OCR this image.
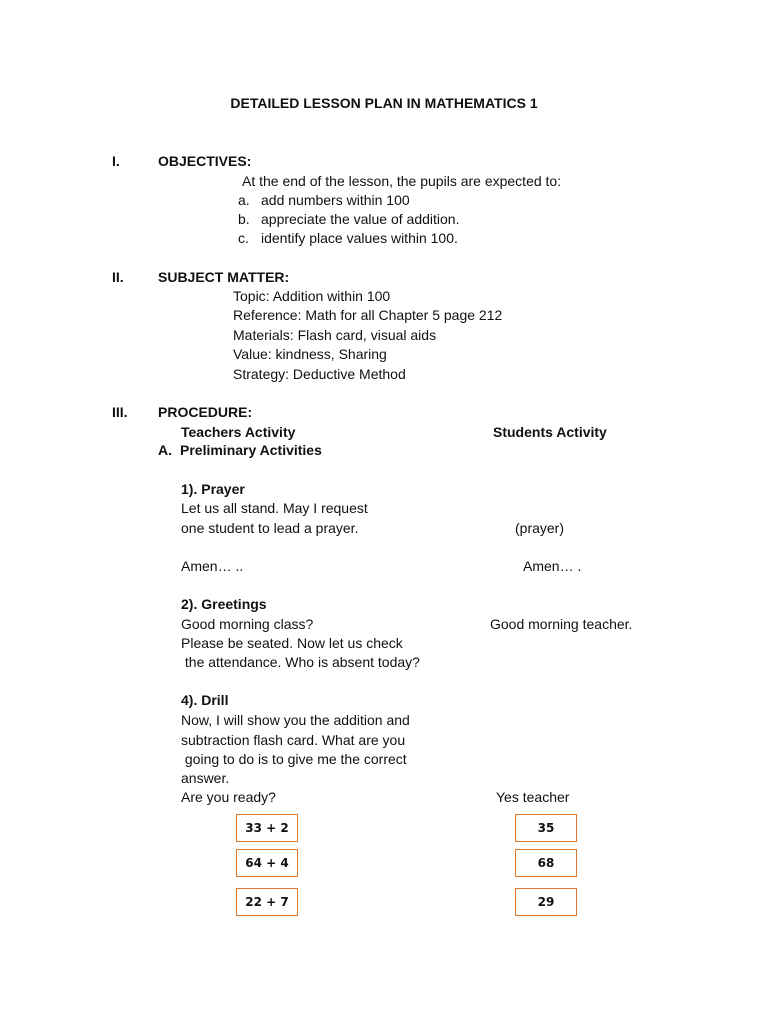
DETAILED LESSON PLAN IN MATHEMATICS 1
I.	OBJECTIVES:
At the end of the lesson, the pupils are expected to:
a. add numbers within 100
b. appreciate the value of addition.
c. identify place values within 100.
II. SUBJECT MATTER:
Topic: Addition within 100
Reference: Math for all Chapter 5 page 212
Materials: Flash card, visual aids
Value: kindness, Sharing
Strategy: Deductive Method
III. PROCEDURE:
Teachers Activity	Students Activity
A. Preliminary Activities
1). Prayer
Let us all stand. May I request
one student to lead a prayer.	(prayer)
Amen… ..	Amen… .
2). Greetings
Good morning class?	Good morning teacher.
Please be seated. Now let us check
the attendance. Who is absent today?
4). Drill
Now, I will show you the addition and
subtraction flash card. What are you
going to do is to give me the correct
answer.
Are you ready?	Yes teacher
33 + 2	35
64 + 4	68
22 + 7	29
